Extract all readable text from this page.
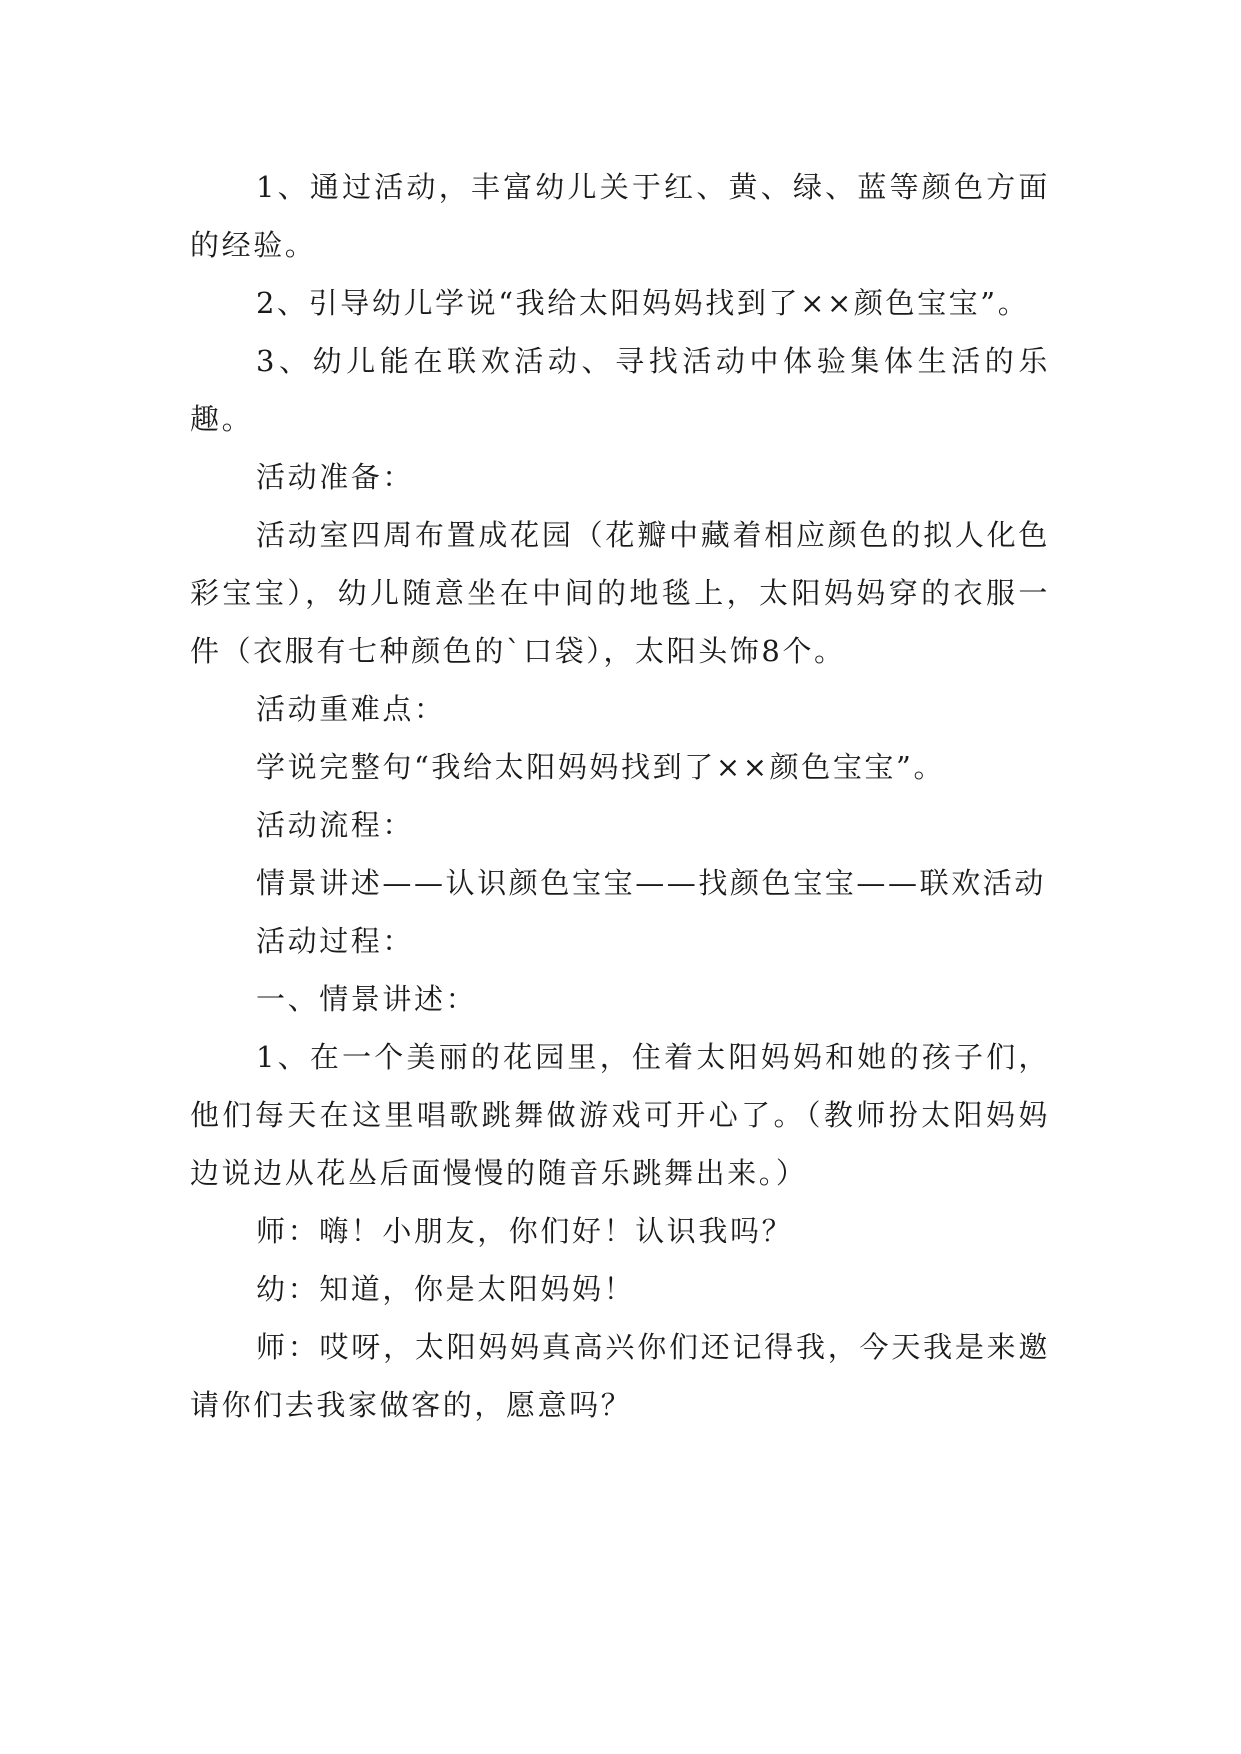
1、通过活动，丰富幼儿关于红、黄、绿、蓝等颜色方面的经验。

2、引导幼儿学说“我给太阳妈妈找到了××颜色宝宝”。

3、幼儿能在联欢活动、寻找活动中体验集体生活的乐趣。

活动准备：

活动室四周布置成花园（花瓣中藏着相应颜色的拟人化色彩宝宝），幼儿随意坐在中间的地毯上，太阳妈妈穿的衣服一件（衣服有七种颜色的`口袋），太阳头饰8个。

活动重难点：

学说完整句“我给太阳妈妈找到了××颜色宝宝”。

活动流程：

情景讲述——认识颜色宝宝——找颜色宝宝——联欢活动

活动过程：

一、情景讲述：

1、在一个美丽的花园里，住着太阳妈妈和她的孩子们，他们每天在这里唱歌跳舞做游戏可开心了。（教师扮太阳妈妈边说边从花丛后面慢慢的随音乐跳舞出来。）

师：嗨！小朋友，你们好！认识我吗？

幼：知道，你是太阳妈妈！

师：哎呀，太阳妈妈真高兴你们还记得我，今天我是来邀请你们去我家做客的，愿意吗？
